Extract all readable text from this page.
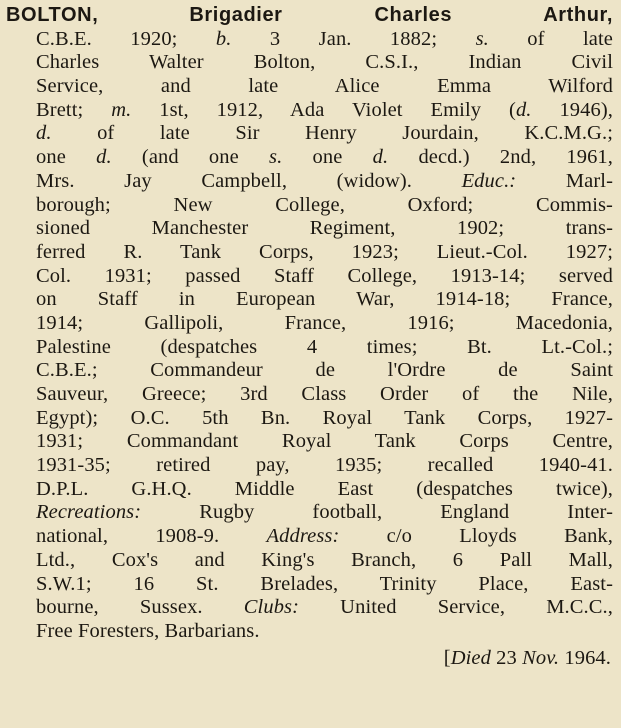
BOLTON,	Brigadier Charles Arthur,
C.B.E. 1920; b. 3 Jan. 1882; s. of late
Charles Walter Bolton, C.S.I., Indian Civil
Service, and late Alice Emma Wilford
Brett; m. 1st, 1912, Ada Violet Emily (d. 1946),
d. of late Sir Henry Jourdain, K.C.M.G.;
one d. (and one s. one d. decd.) 2nd, 1961,
Mrs. Jay Campbell, (widow). Educ.: Marl-
borough; New College, Oxford; Commis-
sioned Manchester Regiment, 1902; trans-
ferred R. Tank Corps, 1923; Lieut.-Col. 1927;
Col. 1931; passed Staff College, 1913-14; served
on Staff in European War, 1914-18; France,
1914; Gallipoli, France, 1916; Macedonia,
Palestine (despatches 4 times; Bt. Lt.-Col.;
C.B.E.; Commandeur de l'Ordre de Saint
Sauveur, Greece; 3rd Class Order of the Nile,
Egypt); O.C. 5th Bn. Royal Tank Corps, 1927-
1931; Commandant Royal Tank Corps Centre,
1931-35; retired pay, 1935; recalled 1940-41.
D.P.L. G.H.Q. Middle East (despatches twice),
Recreations: Rugby football, England Inter-
national, 1908-9. Address: c/o Lloyds Bank,
Ltd., Cox's and King's Branch, 6 Pall Mall,
S.W.1; 16 St. Brelades, Trinity Place, East-
bourne, Sussex. Clubs: United Service, M.C.C.,
Free Foresters, Barbarians.
[Died 23 Nov. 1964.
